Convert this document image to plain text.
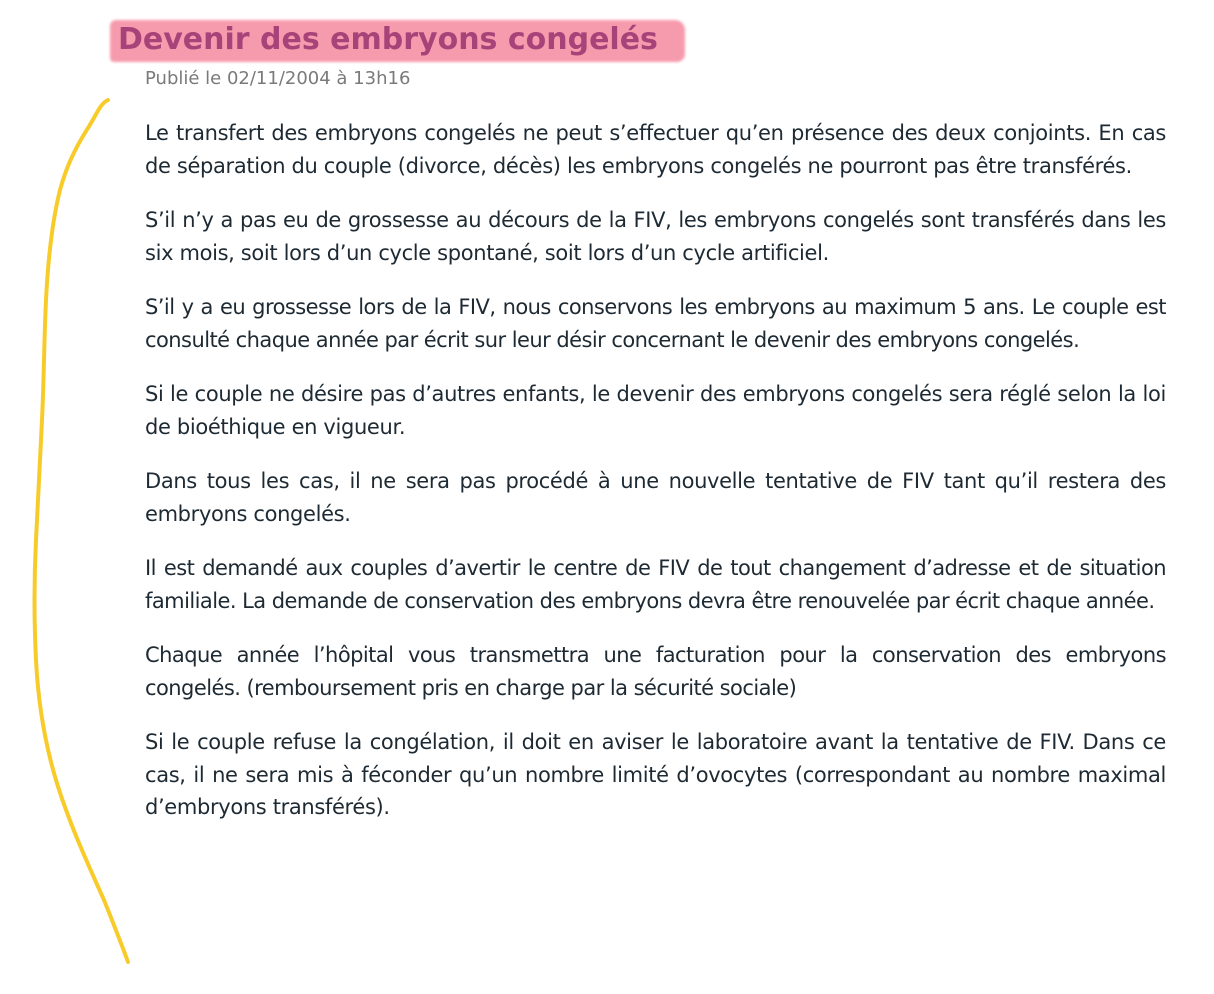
Devenir des embryons congelés
Publié le 02/11/2004 à 13h16

Le transfert des embryons congelés ne peut s’effectuer qu’en présence des deux conjoints. En cas de séparation du couple (divorce, décès) les embryons congelés ne pourront pas être transférés.

S’il n’y a pas eu de grossesse au décours de la FIV, les embryons congelés sont transférés dans les six mois, soit lors d’un cycle spontané, soit lors d’un cycle artificiel.

S’il y a eu grossesse lors de la FIV, nous conservons les embryons au maximum 5 ans. Le couple est consulté chaque année par écrit sur leur désir concernant le devenir des embryons congelés.

Si le couple ne désire pas d’autres enfants, le devenir des embryons congelés sera réglé selon la loi de bioéthique en vigueur.

Dans tous les cas, il ne sera pas procédé à une nouvelle tentative de FIV tant qu’il restera des embryons congelés.

Il est demandé aux couples d’avertir le centre de FIV de tout changement d’adresse et de situation familiale. La demande de conservation des embryons devra être renouvelée par écrit chaque année.

Chaque année l’hôpital vous transmettra une facturation pour la conservation des embryons congelés. (remboursement pris en charge par la sécurité sociale)

Si le couple refuse la congélation, il doit en aviser le laboratoire avant la tentative de FIV. Dans ce cas, il ne sera mis à féconder qu’un nombre limité d’ovocytes (correspondant au nombre maximal d’embryons transférés).
